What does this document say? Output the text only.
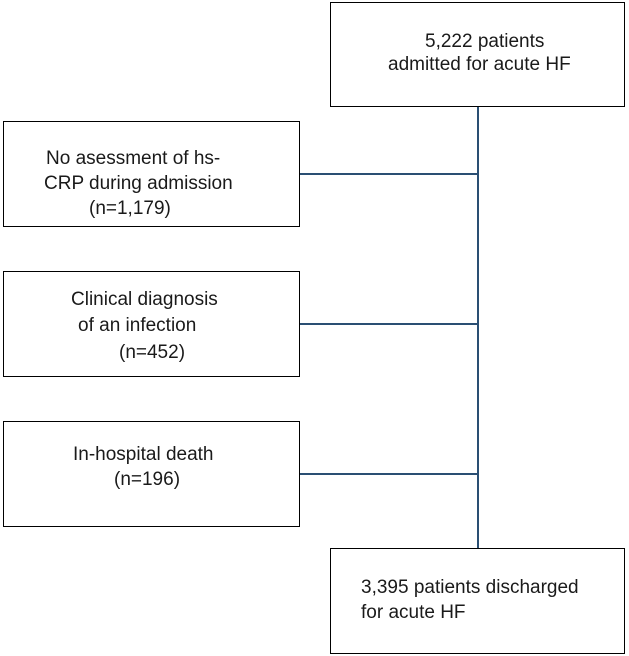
5,222 patients
admitted for acute HF
No asessment of hs-
CRP during admission
(n=1,179)
Clinical diagnosis
of an infection
(n=452)
In-hospital death
(n=196)
3,395 patients discharged
for acute HF
